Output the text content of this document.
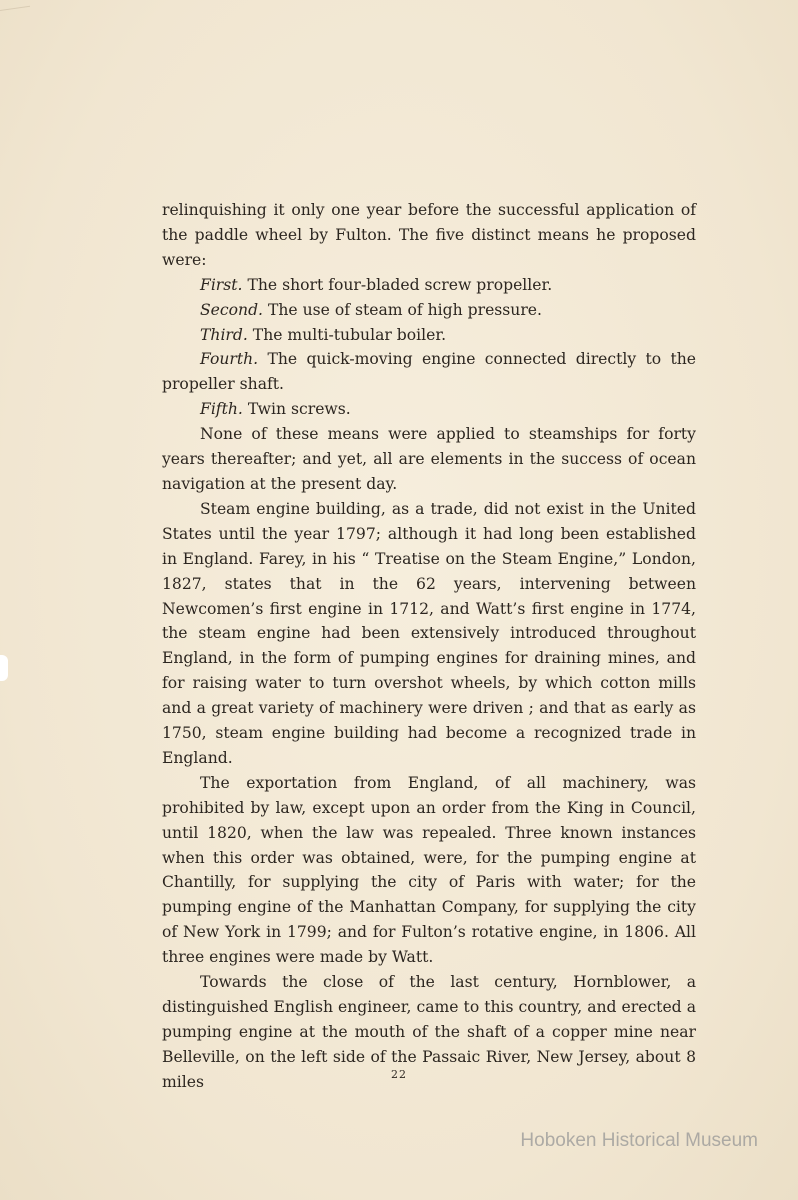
relinquishing it only one year before the successful application of the paddle wheel by Fulton. The five distinct means he proposed were:

First. The short four-bladed screw propeller.

Second. The use of steam of high pressure.

Third. The multi-tubular boiler.

Fourth. The quick-moving engine connected directly to the propeller shaft.

Fifth. Twin screws.

None of these means were applied to steamships for forty years thereafter; and yet, all are elements in the success of ocean navigation at the present day.

Steam engine building, as a trade, did not exist in the United States until the year 1797; although it had long been established in England. Farey, in his “ Treatise on the Steam Engine,” London, 1827, states that in the 62 years, intervening between Newcomen’s first engine in 1712, and Watt’s first engine in 1774, the steam engine had been extensively introduced throughout England, in the form of pumping engines for draining mines, and for raising water to turn overshot wheels, by which cotton mills and a great variety of machinery were driven ; and that as early as 1750, steam engine building had become a recognized trade in England.

The exportation from England, of all machinery, was prohibited by law, except upon an order from the King in Council, until 1820, when the law was repealed. Three known instances when this order was obtained, were, for the pumping engine at Chantilly, for supplying the city of Paris with water; for the pumping engine of the Manhattan Company, for supplying the city of New York in 1799; and for Fulton’s rotative engine, in 1806. All three engines were made by Watt.

Towards the close of the last century, Hornblower, a distinguished English engineer, came to this country, and erected a pumping engine at the mouth of the shaft of a copper mine near Belleville, on the left side of the Passaic River, New Jersey, about 8 miles	22
Hoboken Historical Museum
